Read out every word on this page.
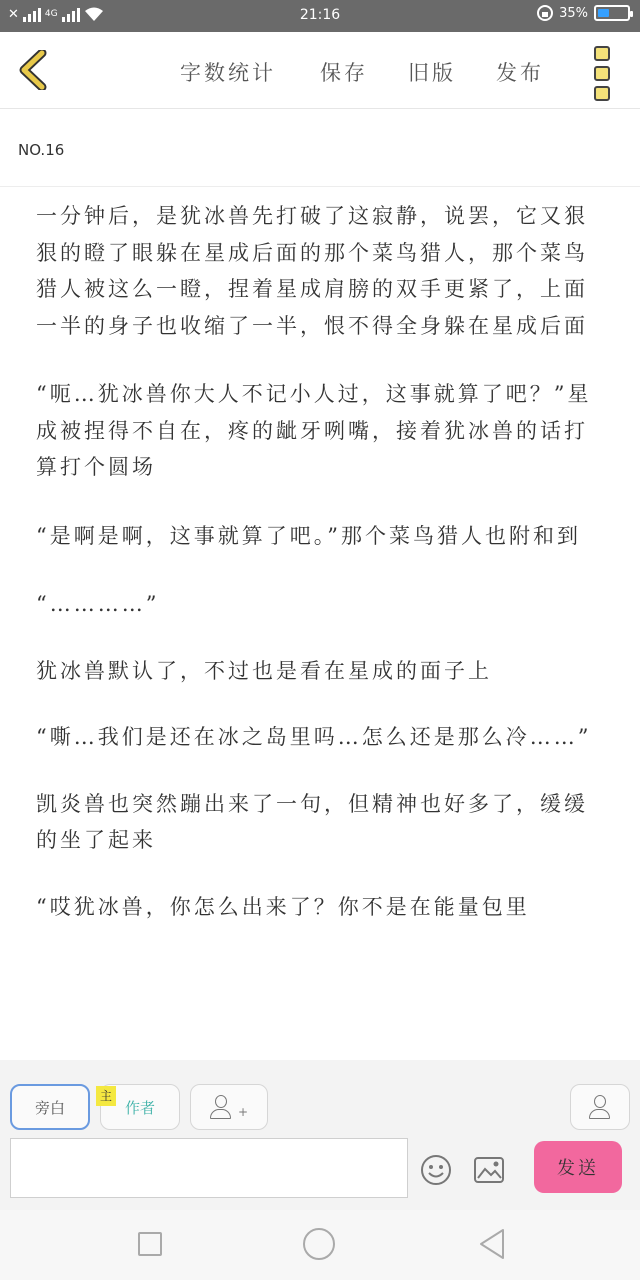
✕	4G	21:16	35%
字数统计	保存	旧版	发布
NO.16

一分钟后，是犹冰兽先打破了这寂静，说罢，它又狠狠的瞪了眼躲在星成后面的那个菜鸟猎人，那个菜鸟猎人被这么一瞪，捏着星成肩膀的双手更紧了，上面一半的身子也收缩了一半，恨不得全身躲在星成后面

“呃…犹冰兽你大人不记小人过，这事就算了吧？”星成被捏得不自在，疼的龇牙咧嘴，接着犹冰兽的话打算打个圆场

“是啊是啊，这事就算了吧。”那个菜鸟猎人也附和到

“…………”

犹冰兽默认了，不过也是看在星成的面子上

“嘶…我们是还在冰之岛里吗…怎么还是那么冷……”

凯炎兽也突然蹦出来了一句，但精神也好多了，缓缓的坐了起来

“哎犹冰兽，你怎么出来了？你不是在能量包里

旁白	作者
主
+
发送
